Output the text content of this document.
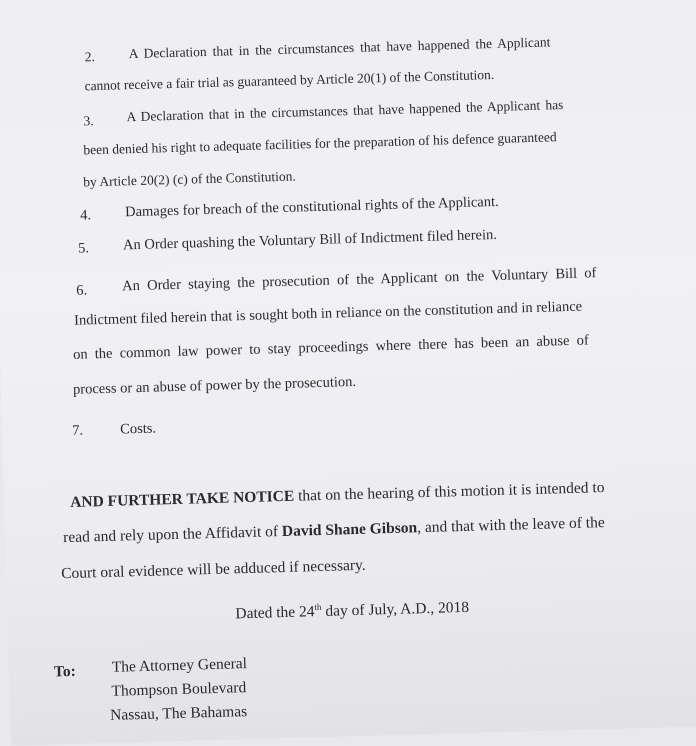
2. A Declaration that in the circumstances that have happened the Applicant
cannot receive a fair trial as guaranteed by Article 20(1) of the Constitution.
3. A Declaration that in the circumstances that have happened the Applicant has
been denied his right to adequate facilities for the preparation of his defence guaranteed
by Article 20(2) (c) of the Constitution.
4. Damages for breach of the constitutional rights of the Applicant.
5. An Order quashing the Voluntary Bill of Indictment filed herein.
6. An Order staying the prosecution of the Applicant on the Voluntary Bill of
Indictment filed herein that is sought both in reliance on the constitution and in reliance
on the common law power to stay proceedings where there has been an abuse of
process or an abuse of power by the prosecution.
7.	Costs.
AND FURTHER TAKE NOTICE that on the hearing of this motion it is intended to
read and rely upon the Affidavit of David Shane Gibson, and that with the leave of the
Court oral evidence will be adduced if necessary.
Dated the 24th day of July, A.D., 2018
To: The Attorney General
Thompson Boulevard
Nassau, The Bahamas
